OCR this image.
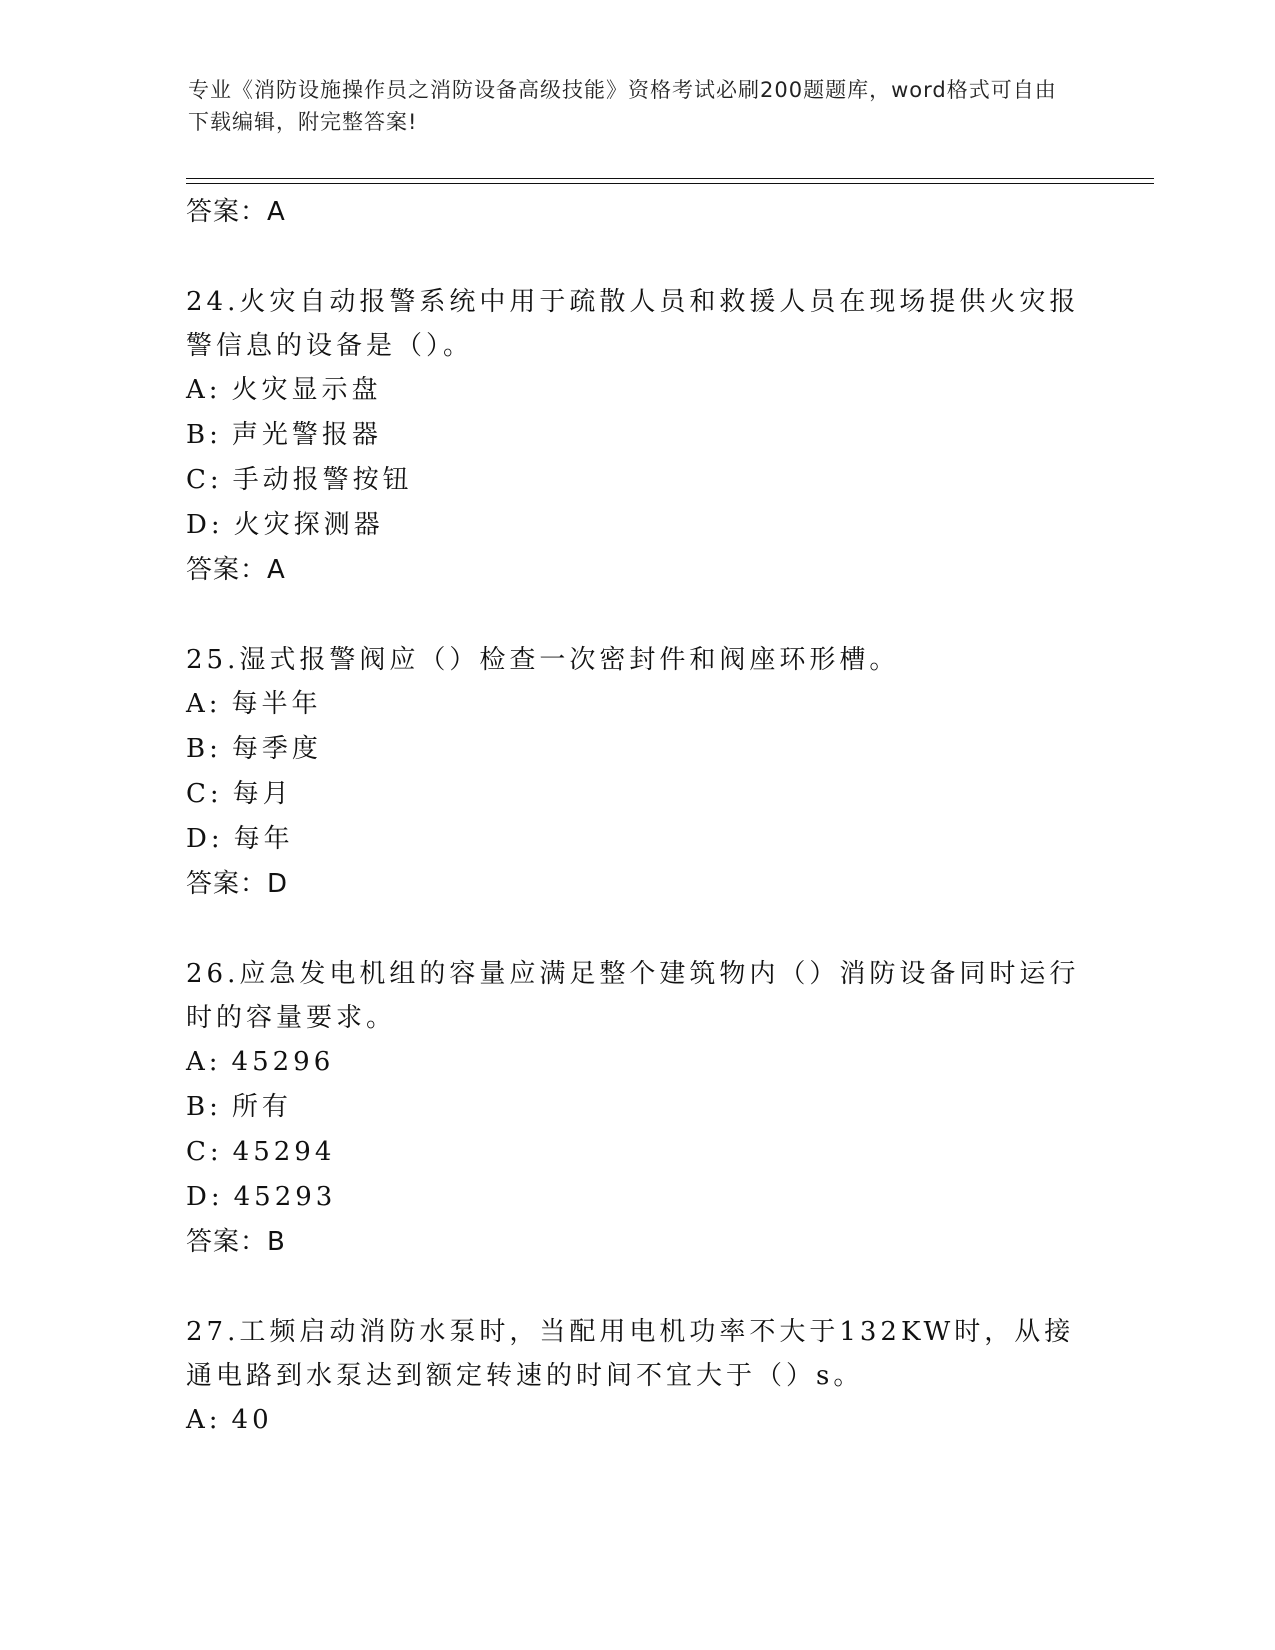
专业《消防设施操作员之消防设备高级技能》资格考试必刷200题题库，word格式可自由下载编辑，附完整答案!
答案：A
24.火灾自动报警系统中用于疏散人员和救援人员在现场提供火灾报警信息的设备是（）。
A: 火灾显示盘
B: 声光警报器
C: 手动报警按钮
D: 火灾探测器
答案：A
25.湿式报警阀应（）检查一次密封件和阀座环形槽。
A: 每半年
B: 每季度
C: 每月
D: 每年
答案：D
26.应急发电机组的容量应满足整个建筑物内（）消防设备同时运行时的容量要求。
A: 45296
B: 所有
C: 45294
D: 45293
答案：B
27.工频启动消防水泵时，当配用电机功率不大于132KW时，从接通电路到水泵达到额定转速的时间不宜大于（）s。
A: 40
